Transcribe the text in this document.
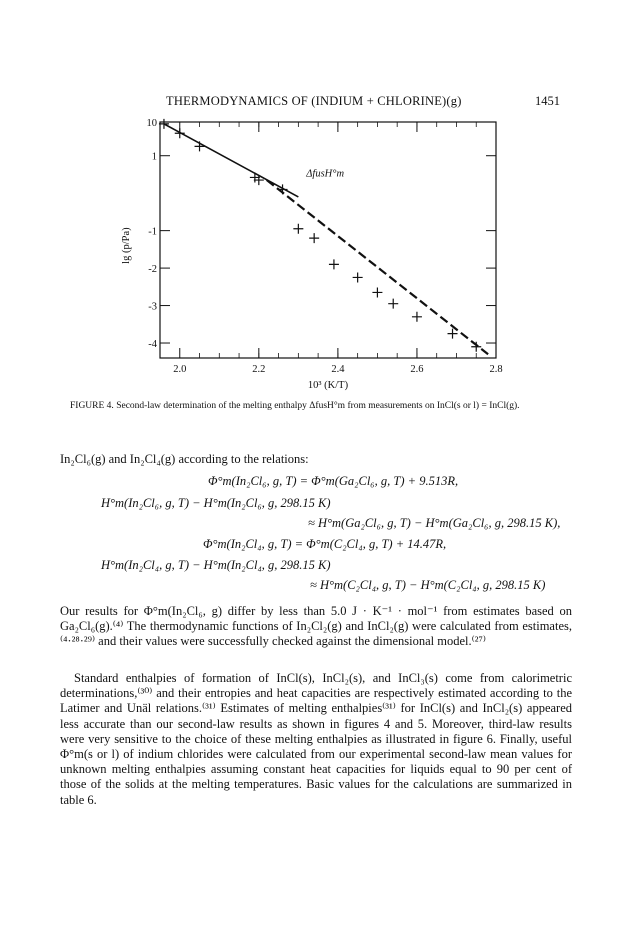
THERMODYNAMICS OF (INDIUM + CHLORINE)(g)	1451
2.0	2.2	2.4	2.6	2.8
10
1
-1
-2
-3
-4
ΔfusH°m
10³ (K/T)
lg (p/Pa)
FIGURE 4. Second-law determination of the melting enthalpy ΔfusH°m from measurements on InCl(s or l) = InCl(g).
In₂Cl₆(g) and In₂Cl₄(g) according to the relations:
Φ°m(In₂Cl₆, g, T) = Φ°m(Ga₂Cl₆, g, T) + 9.513R,
H°m(In₂Cl₆, g, T) − H°m(In₂Cl₆, g, 298.15 K)
≈ H°m(Ga₂Cl₆, g, T) − H°m(Ga₂Cl₆, g, 298.15 K),
Φ°m(In₂Cl₄, g, T) = Φ°m(C₂Cl₄, g, T) + 14.47R,
H°m(In₂Cl₄, g, T) − H°m(In₂Cl₄, g, 298.15 K)
≈ H°m(C₂Cl₄, g, T) − H°m(C₂Cl₄, g, 298.15 K)
Our results for Φ°m(In₂Cl₆, g) differ by less than 5.0 J · K⁻¹ · mol⁻¹ from estimates based on Ga₂Cl₆(g).⁽⁴⁾ The thermodynamic functions of In₂Cl₂(g) and InCl₂(g) were calculated from estimates,⁽⁴·²⁸·²⁹⁾ and their values were successfully checked against the dimensional model.⁽²⁷⁾
Standard enthalpies of formation of InCl(s), InCl₂(s), and InCl₃(s) come from calorimetric determinations,⁽³⁰⁾ and their entropies and heat capacities are respectively estimated according to the Latimer and Unäl relations.⁽³¹⁾ Estimates of melting enthalpies⁽³¹⁾ for InCl(s) and InCl₂(s) appeared less accurate than our second-law results as shown in figures 4 and 5. Moreover, third-law results were very sensitive to the choice of these melting enthalpies as illustrated in figure 6. Finally, useful Φ°m(s or l) of indium chlorides were calculated from our experimental second-law mean values for unknown melting enthalpies assuming constant heat capacities for liquids equal to 90 per cent of those of the solids at the melting temperatures. Basic values for the calculations are summarized in table 6.
